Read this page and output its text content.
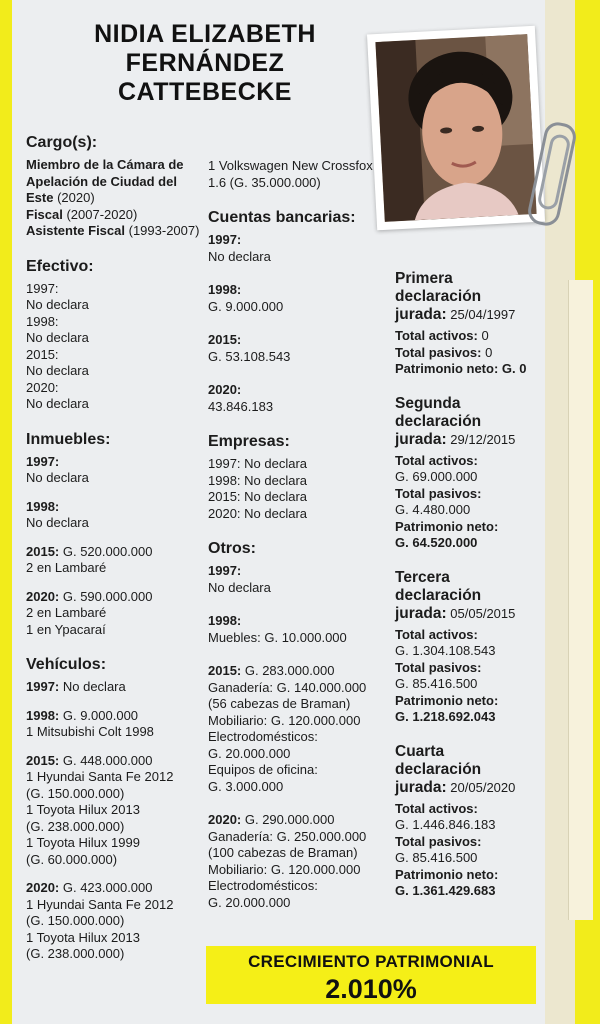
NIDIA ELIZABETH
FERNÁNDEZ
CATTEBECKE
Cargo(s):
Miembro de la Cámara de Apelación de Ciudad del Este (2020)
Fiscal (2007-2020)
Asistente Fiscal (1993-2007)
Efectivo:
1997:
No declara
1998:
No declara
2015:
No declara
2020:
No declara
Inmuebles:
1997:
No declara
1998:
No declara
2015: G. 520.000.000
2 en Lambaré
2020: G. 590.000.000
2 en Lambaré
1 en Ypacaraí
Vehículos:
1997: No declara
1998: G. 9.000.000
1 Mitsubishi Colt 1998
2015: G. 448.000.000
1 Hyundai Santa Fe 2012
(G. 150.000.000)
1 Toyota Hilux 2013
(G. 238.000.000)
1 Toyota Hilux 1999
(G. 60.000.000)
2020: G. 423.000.000
1 Hyundai Santa Fe 2012
(G. 150.000.000)
1 Toyota Hilux 2013
(G. 238.000.000)
1 Volkswagen New Crossfox
1.6 (G. 35.000.000)
Cuentas bancarias:
1997:
No declara
1998:
G. 9.000.000
2015:
G. 53.108.543
2020:
43.846.183
Empresas:
1997: No declara
1998: No declara
2015: No declara
2020: No declara
Otros:
1997:
No declara
1998:
Muebles: G. 10.000.000
2015: G. 283.000.000
Ganadería: G. 140.000.000
(56 cabezas de Braman)
Mobiliario: G. 120.000.000
Electrodomésticos:
G. 20.000.000
Equipos de oficina:
G. 3.000.000
2020: G. 290.000.000
Ganadería: G. 250.000.000
(100 cabezas de Braman)
Mobiliario: G. 120.000.000
Electrodomésticos:
G. 20.000.000
Primera
declaración
jurada: 25/04/1997
Total activos: 0
Total pasivos: 0
Patrimonio neto: G. 0
Segunda
declaración
jurada: 29/12/2015
Total activos:
G. 69.000.000
Total pasivos:
G. 4.480.000
Patrimonio neto:
G. 64.520.000
Tercera
declaración
jurada: 05/05/2015
Total activos:
G. 1.304.108.543
Total pasivos:
G. 85.416.500
Patrimonio neto:
G. 1.218.692.043
Cuarta
declaración
jurada: 20/05/2020
Total activos:
G. 1.446.846.183
Total pasivos:
G. 85.416.500
Patrimonio neto:
G. 1.361.429.683
CRECIMIENTO PATRIMONIAL
2.010%
